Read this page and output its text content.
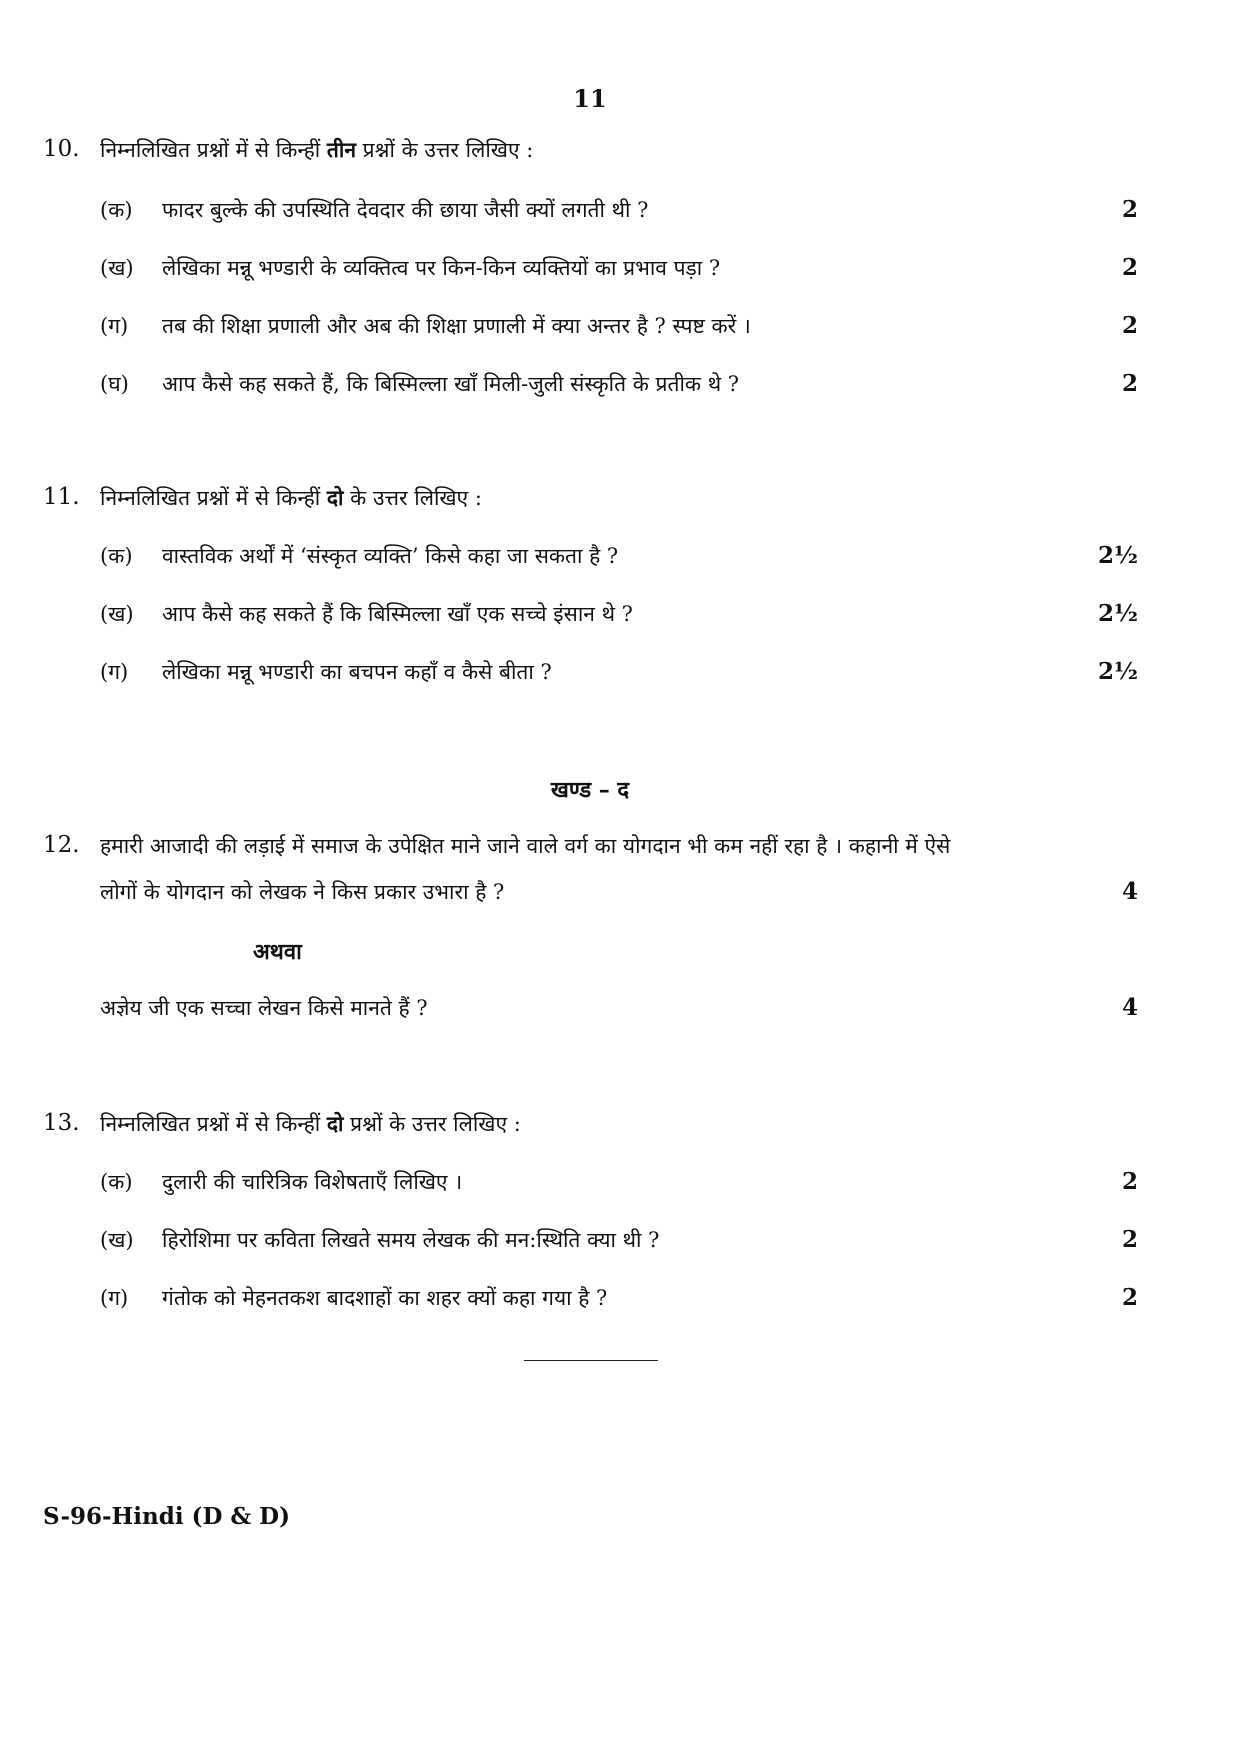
11
10. निम्नलिखित प्रश्नों में से किन्हीं तीन प्रश्नों के उत्तर लिखिए :
(क) फादर बुल्के की उपस्थिति देवदार की छाया जैसी क्यों लगती थी ?	2
(ख) लेखिका मन्नू भण्डारी के व्यक्तित्व पर किन-किन व्यक्तियों का प्रभाव पड़ा ?	2
(ग) तब की शिक्षा प्रणाली और अब की शिक्षा प्रणाली में क्या अन्तर है ? स्पष्ट करें ।	2
(घ) आप कैसे कह सकते हैं, कि बिस्मिल्ला खाँ मिली-जुली संस्कृति के प्रतीक थे ?	2
11. निम्नलिखित प्रश्नों में से किन्हीं दो के उत्तर लिखिए :
(क) वास्तविक अर्थों में ‘संस्कृत व्यक्ति’ किसे कहा जा सकता है ?	2½
(ख) आप कैसे कह सकते हैं कि बिस्मिल्ला खाँ एक सच्चे इंसान थे ?	2½
(ग) लेखिका मन्नू भण्डारी का बचपन कहाँ व कैसे बीता ?	2½
खण्ड – द
12. हमारी आजादी की लड़ाई में समाज के उपेक्षित माने जाने वाले वर्ग का योगदान भी कम नहीं रहा है । कहानी में ऐसे
लोगों के योगदान को लेखक ने किस प्रकार उभारा है ?	4
अथवा
अज्ञेय जी एक सच्चा लेखन किसे मानते हैं ?	4
13. निम्नलिखित प्रश्नों में से किन्हीं दो प्रश्नों के उत्तर लिखिए :
(क) दुलारी की चारित्रिक विशेषताएँ लिखिए ।	2
(ख) हिरोशिमा पर कविता लिखते समय लेखक की मन:स्थिति क्या थी ?	2
(ग) गंतोक को मेहनतकश बादशाहों का शहर क्यों कहा गया है ?	2
S-96-Hindi (D & D)
